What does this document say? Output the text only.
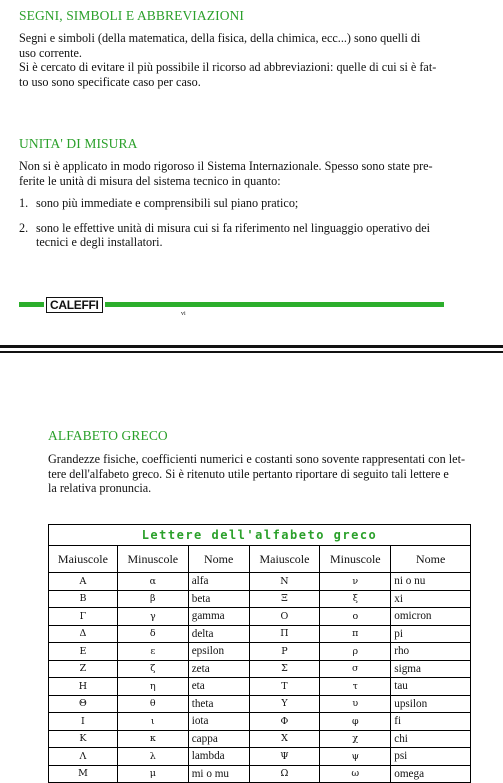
SEGNI, SIMBOLI E ABBREVIAZIONI
Segni e simboli (della matematica, della fisica, della chimica, ecc...) sono quelli di
uso corrente.
Si è cercato di evitare il più possibile il ricorso ad abbreviazioni: quelle di cui si è fat-
to uso sono specificate caso per caso.
UNITA' DI MISURA
Non si è applicato in modo rigoroso il Sistema Internazionale. Spesso sono state pre-
ferite le unità di misura del sistema tecnico in quanto:
1. sono più immediate e comprensibili sul piano pratico;
2. sono le effettive unità di misura cui si fa riferimento nel linguaggio operativo dei
tecnici e degli installatori.
CALEFFI
vi
ALFABETO GRECO
Grandezze fisiche, coefficienti numerici e costanti sono sovente rappresentati con let-
tere dell'alfabeto greco. Si è ritenuto utile pertanto riportare di seguito tali lettere e
la relativa pronuncia.
Lettere dell'alfabeto greco					
Maiuscole	Minuscole	Nome	Maiuscole	Minuscole	Nome
A	α	alfa	N	ν	ni o nu
B	β	beta	Ξ	ξ	xi
Γ	γ	gamma	O	o	omicron
Δ	δ	delta	Π	π	pi
E	ε	epsilon	P	ρ	rho
Z	ζ	zeta	Σ	σ	sigma
H	η	eta	T	τ	tau
Θ	θ	theta	Y	υ	upsilon
I	ι	iota	Φ	φ	fi
K	κ	cappa	X	χ	chi
Λ	λ	lambda	Ψ	ψ	psi
M	μ	mi o mu	Ω	ω	omega
